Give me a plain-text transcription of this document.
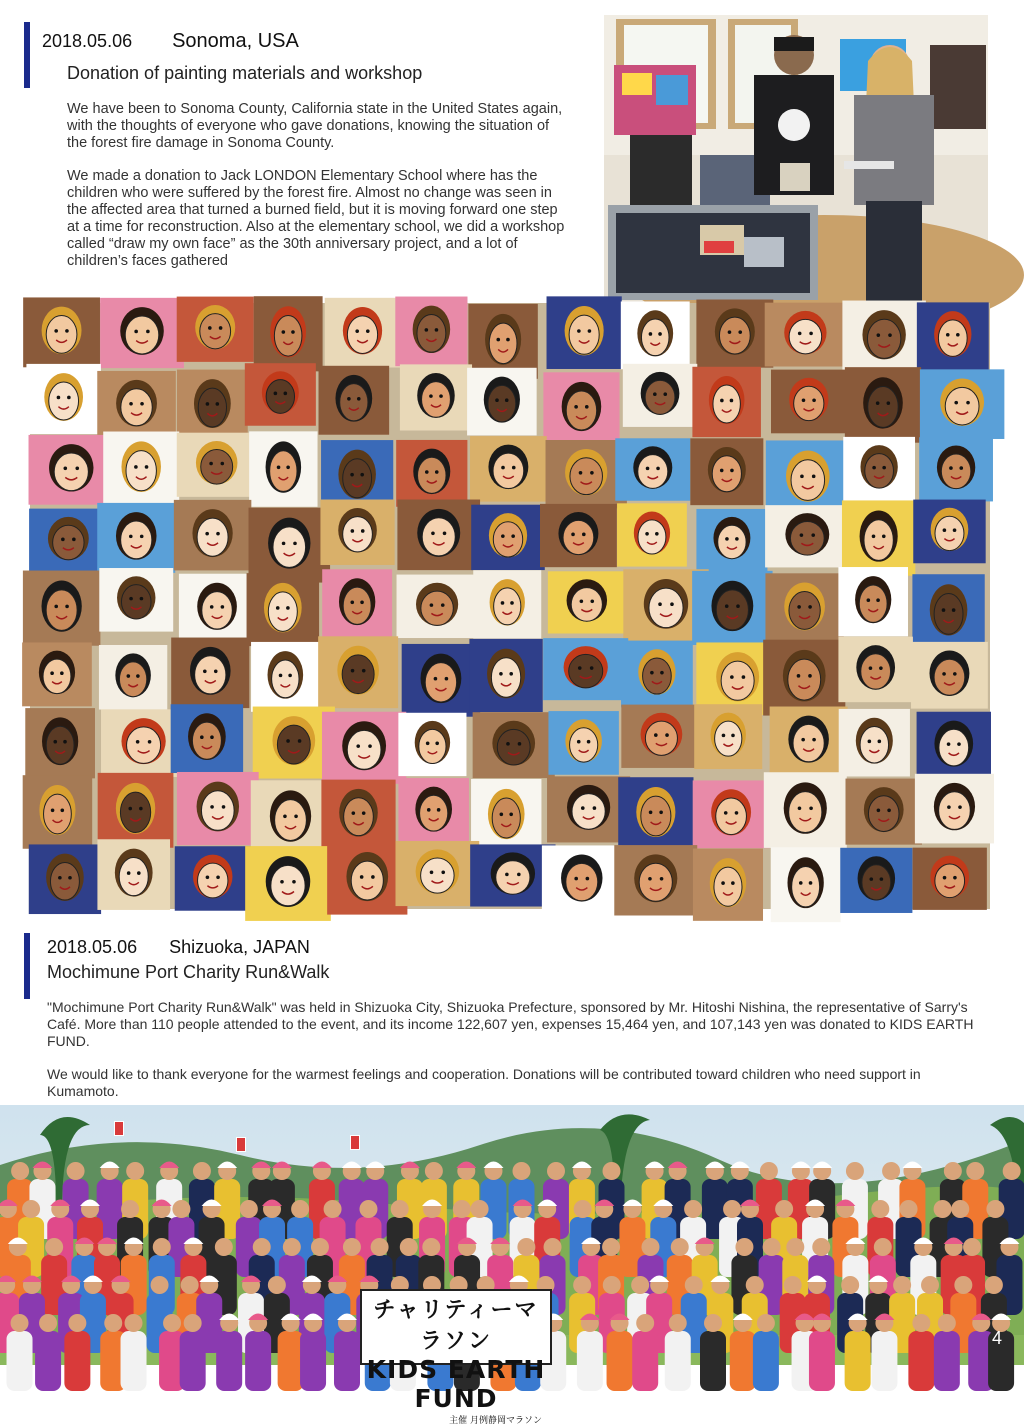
2018.05.06 Sonoma, USA
Donation of painting materials and workshop

We have been to Sonoma County, California state in the United States again, with the thoughts of everyone who gave donations, knowing the situation of the forest fire damage in Sonoma County.

We made a donation to Jack LONDON Elementary School where has the children who were suffered by the forest fire. Almost no change was seen in the affected area that turned a burned field, but it is moving forward one step at a time for reconstruction. Also at the elementary school, we did a workshop called “draw my own face” as the 30th anniversary project, and a lot of children’s faces gathered

2018.05.06 Shizuoka, JAPAN
Mochimune Port Charity Run&Walk

"Mochimune Port Charity Run&Walk" was held in Shizuoka City, Shizuoka Prefecture, sponsored by Mr. Hitoshi Nishina, the representative of Sarry's Café. More than 110 people attended to the event, and its income 122,607 yen, expenses 15,464 yen, and 107,143 yen was donated to KIDS EARTH FUND.

We would like to thank everyone for the warmest feelings and cooperation. Donations will be contributed toward children who need support in Kumamoto.

チャリティーマラソン
KIDS EARTH FUND
主催 月例静岡マラソン
4
